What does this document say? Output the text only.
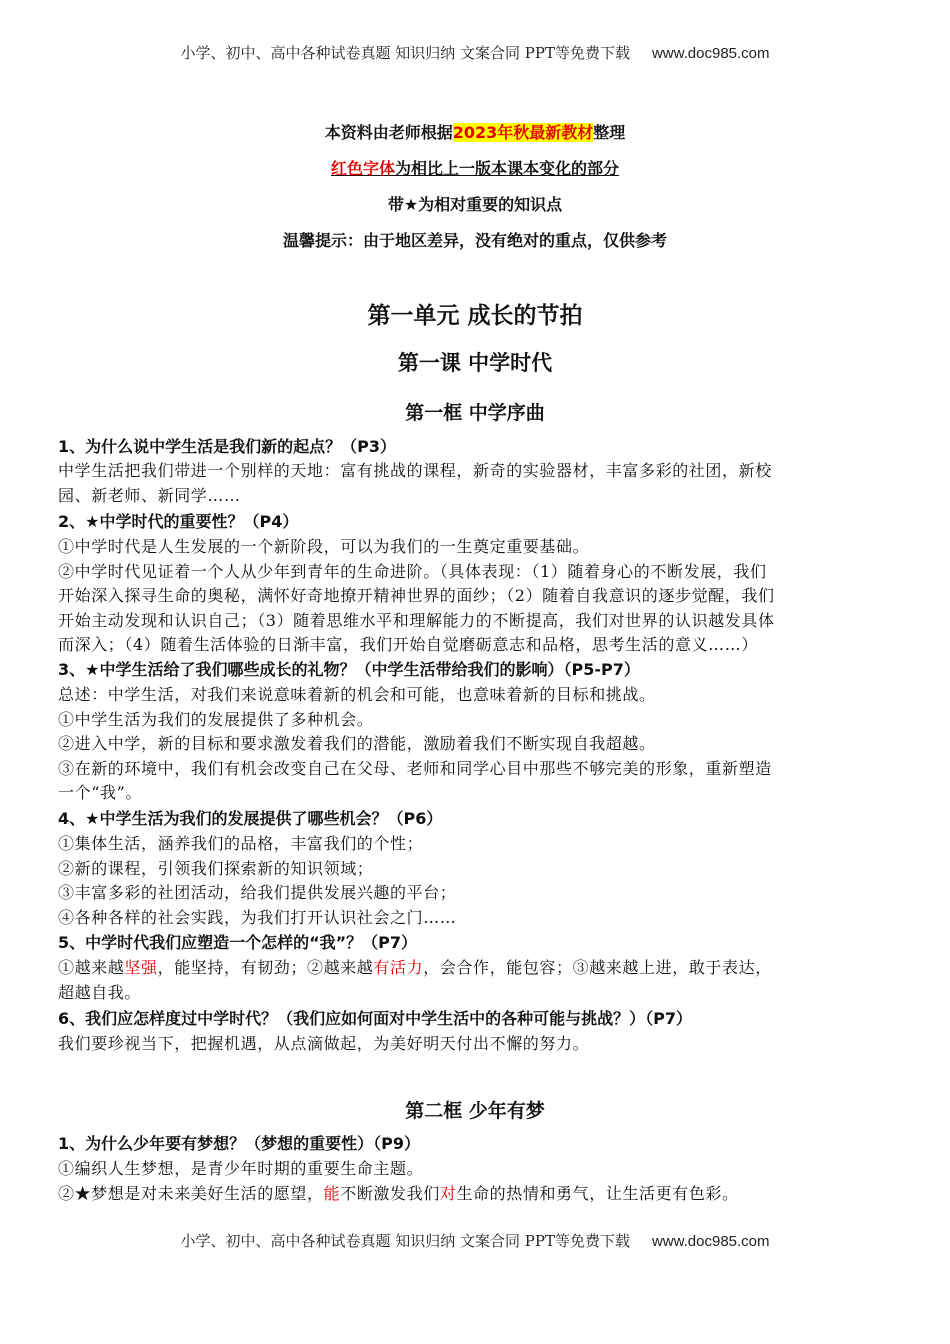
小学、初中、高中各种试卷真题 知识归纳 文案合同 PPT等免费下载 www.doc985.com
本资料由老师根据2023年秋最新教材整理
红色字体为相比上一版本课本变化的部分
带★为相对重要的知识点
温馨提示：由于地区差异，没有绝对的重点，仅供参考
第一单元 成长的节拍
第一课 中学时代
第一框 中学序曲
1、为什么说中学生活是我们新的起点？（P3）
中学生活把我们带进一个别样的天地：富有挑战的课程，新奇的实验器材，丰富多彩的社团，新校
园、新老师、新同学……
2、★中学时代的重要性？（P4）
①中学时代是人生发展的一个新阶段，可以为我们的一生奠定重要基础。
②中学时代见证着一个人从少年到青年的生命进阶。（具体表现：（1）随着身心的不断发展，我们
开始深入探寻生命的奥秘，满怀好奇地撩开精神世界的面纱；（2）随着自我意识的逐步觉醒，我们
开始主动发现和认识自己；（3）随着思维水平和理解能力的不断提高，我们对世界的认识越发具体
而深入；（4）随着生活体验的日渐丰富，我们开始自觉磨砺意志和品格，思考生活的意义……）
3、★中学生活给了我们哪些成长的礼物？（中学生活带给我们的影响）（P5-P7）
总述：中学生活，对我们来说意味着新的机会和可能，也意味着新的目标和挑战。
①中学生活为我们的发展提供了多种机会。
②进入中学，新的目标和要求激发着我们的潜能，激励着我们不断实现自我超越。
③在新的环境中，我们有机会改变自己在父母、老师和同学心目中那些不够完美的形象，重新塑造
一个“我”。
4、★中学生活为我们的发展提供了哪些机会？（P6）
①集体生活，涵养我们的品格，丰富我们的个性；
②新的课程，引领我们探索新的知识领域；
③丰富多彩的社团活动，给我们提供发展兴趣的平台；
④各种各样的社会实践，为我们打开认识社会之门……
5、中学时代我们应塑造一个怎样的“我”？（P7）
①越来越坚强，能坚持，有韧劲；②越来越有活力，会合作，能包容；③越来越上进，敢于表达，
超越自我。
6、我们应怎样度过中学时代？（我们应如何面对中学生活中的各种可能与挑战？）（P7）
我们要珍视当下，把握机遇，从点滴做起，为美好明天付出不懈的努力。
第二框 少年有梦
1、为什么少年要有梦想？（梦想的重要性）（P9）
①编织人生梦想，是青少年时期的重要生命主题。
②★梦想是对未来美好生活的愿望，能不断激发我们对生命的热情和勇气，让生活更有色彩。
小学、初中、高中各种试卷真题 知识归纳 文案合同 PPT等免费下载 www.doc985.com
